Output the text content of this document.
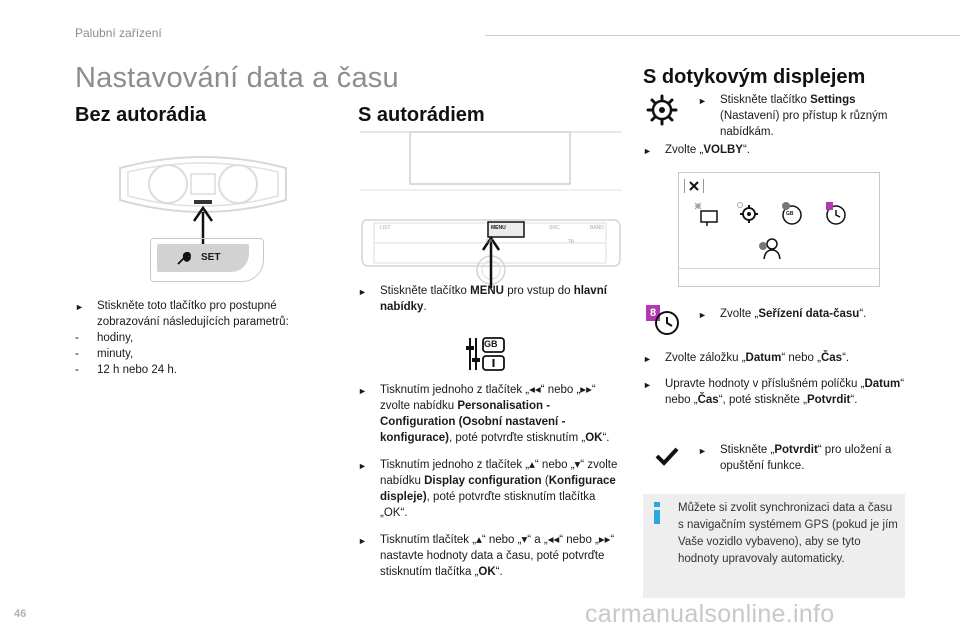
Palubní zařízení
Nastavování data a času
Bez autorádia
SET
►	Stiskněte toto tlačítko pro postupné zobrazování následujících parametrů:
-	hodiny,
-	minuty,
-	12 h nebo 24 h.
S autorádiem
LIST	MENU	SRC	BAND
OK	TA
►	Stiskněte tlačítko MENU pro vstup do hlavní nabídky.
GB
►	Tisknutím jednoho z tlačítek „◂◂“ nebo „▸▸“ zvolte nabídku Personalisation - Configuration (Osobní nastavení - konfigurace), poté potvrďte stisknutím „OK“.
►	Tisknutím jednoho z tlačítek „▴“ nebo „▾“ zvolte nabídku Display configuration (Konfigurace displeje), poté potvrďte stisknutím tlačítka „OK“.
►	Tisknutím tlačítek „▴“ nebo „▾“ a „◂◂“ nebo „▸▸“ nastavte hodnoty data a času, poté potvrďte stisknutím tlačítka „OK“.
S dotykovým displejem
►	Stiskněte tlačítko Settings (Nastavení) pro přístup k různým nabídkám.
►	Zvolte „VOLBY“.
GB
8	►	Zvolte „Seřízení data-času“.
►	Zvolte záložku „Datum“ nebo „Čas“.
►	Upravte hodnoty v příslušném políčku „Datum“ nebo „Čas“, poté stiskněte „Potvrdit“.
►	Stiskněte „Potvrdit“ pro uložení a opuštění funkce.
Můžete si zvolit synchronizaci data a času s navigačním systémem GPS (pokud je jím Vaše vozidlo vybaveno), aby se tyto hodnoty upravovaly automaticky.
46	carmanualsonline.info
